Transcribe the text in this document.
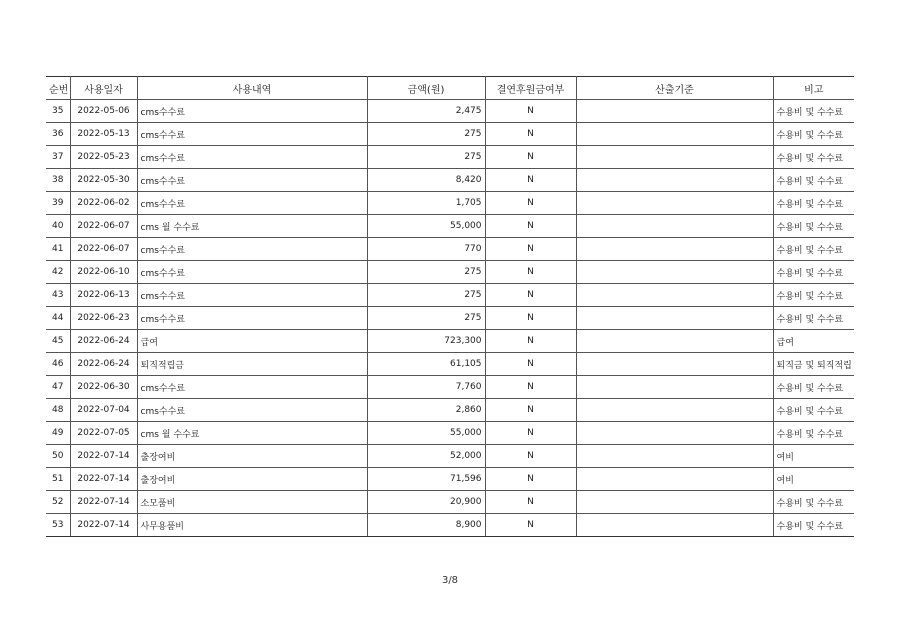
순번	사용일자	사용내역	금액(원)	결연후원금여부	산출기준	비고
35	2022-05-06	cms수수료	2,475	N		수용비 및 수수료
36	2022-05-13	cms수수료	275	N		수용비 및 수수료
37	2022-05-23	cms수수료	275	N		수용비 및 수수료
38	2022-05-30	cms수수료	8,420	N		수용비 및 수수료
39	2022-06-02	cms수수료	1,705	N		수용비 및 수수료
40	2022-06-07	cms 월 수수료	55,000	N		수용비 및 수수료
41	2022-06-07	cms수수료	770	N		수용비 및 수수료
42	2022-06-10	cms수수료	275	N		수용비 및 수수료
43	2022-06-13	cms수수료	275	N		수용비 및 수수료
44	2022-06-23	cms수수료	275	N		수용비 및 수수료
45	2022-06-24	급여	723,300	N		급여
46	2022-06-24	퇴직적립금	61,105	N		퇴직금 및 퇴직적립
47	2022-06-30	cms수수료	7,760	N		수용비 및 수수료
48	2022-07-04	cms수수료	2,860	N		수용비 및 수수료
49	2022-07-05	cms 월 수수료	55,000	N		수용비 및 수수료
50	2022-07-14	출장여비	52,000	N		여비
51	2022-07-14	출장여비	71,596	N		여비
52	2022-07-14	소모품비	20,900	N		수용비 및 수수료
53	2022-07-14	사무용품비	8,900	N		수용비 및 수수료
3/8
